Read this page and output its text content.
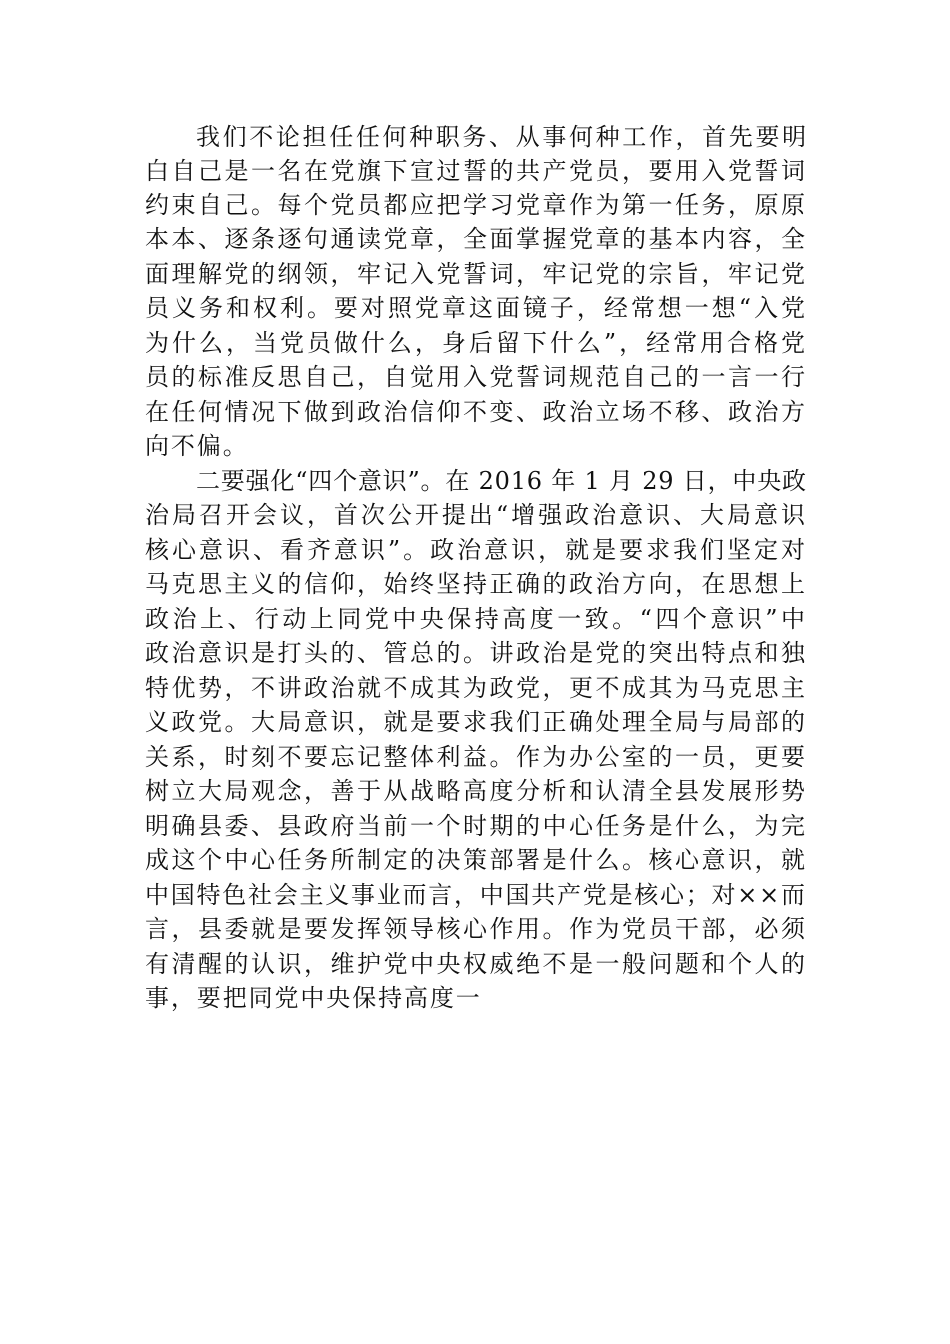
我们不论担任任何种职务、从事何种工作，首先要明
白自己是一名在党旗下宣过誓的共产党员，要用入党誓词
约束自己。每个党员都应把学习党章作为第一任务，原原
本本、逐条逐句通读党章，全面掌握党章的基本内容，全
面理解党的纲领，牢记入党誓词，牢记党的宗旨，牢记党
员义务和权利。要对照党章这面镜子，经常想一想“入党
为什么，当党员做什么，身后留下什么”，经常用合格党
员的标准反思自己，自觉用入党誓词规范自己的一言一行
在任何情况下做到政治信仰不变、政治立场不移、政治方
向不偏。
二要强化“四个意识”。在 2016 年 1 月 29 日，中央政
治局召开会议，首次公开提出“增强政治意识、大局意识
核心意识、看齐意识”。政治意识，就是要求我们坚定对
马克思主义的信仰，始终坚持正确的政治方向，在思想上
政治上、行动上同党中央保持高度一致。“四个意识”中
政治意识是打头的、管总的。讲政治是党的突出特点和独
特优势，不讲政治就不成其为政党，更不成其为马克思主
义政党。大局意识，就是要求我们正确处理全局与局部的
关系，时刻不要忘记整体利益。作为办公室的一员，更要
树立大局观念，善于从战略高度分析和认清全县发展形势
明确县委、县政府当前一个时期的中心任务是什么，为完
成这个中心任务所制定的决策部署是什么。核心意识，就
中国特色社会主义事业而言，中国共产党是核心；对××而
言，县委就是要发挥领导核心作用。作为党员干部，必须
有清醒的认识，维护党中央权威绝不是一般问题和个人的
事，要把同党中央保持高度一
